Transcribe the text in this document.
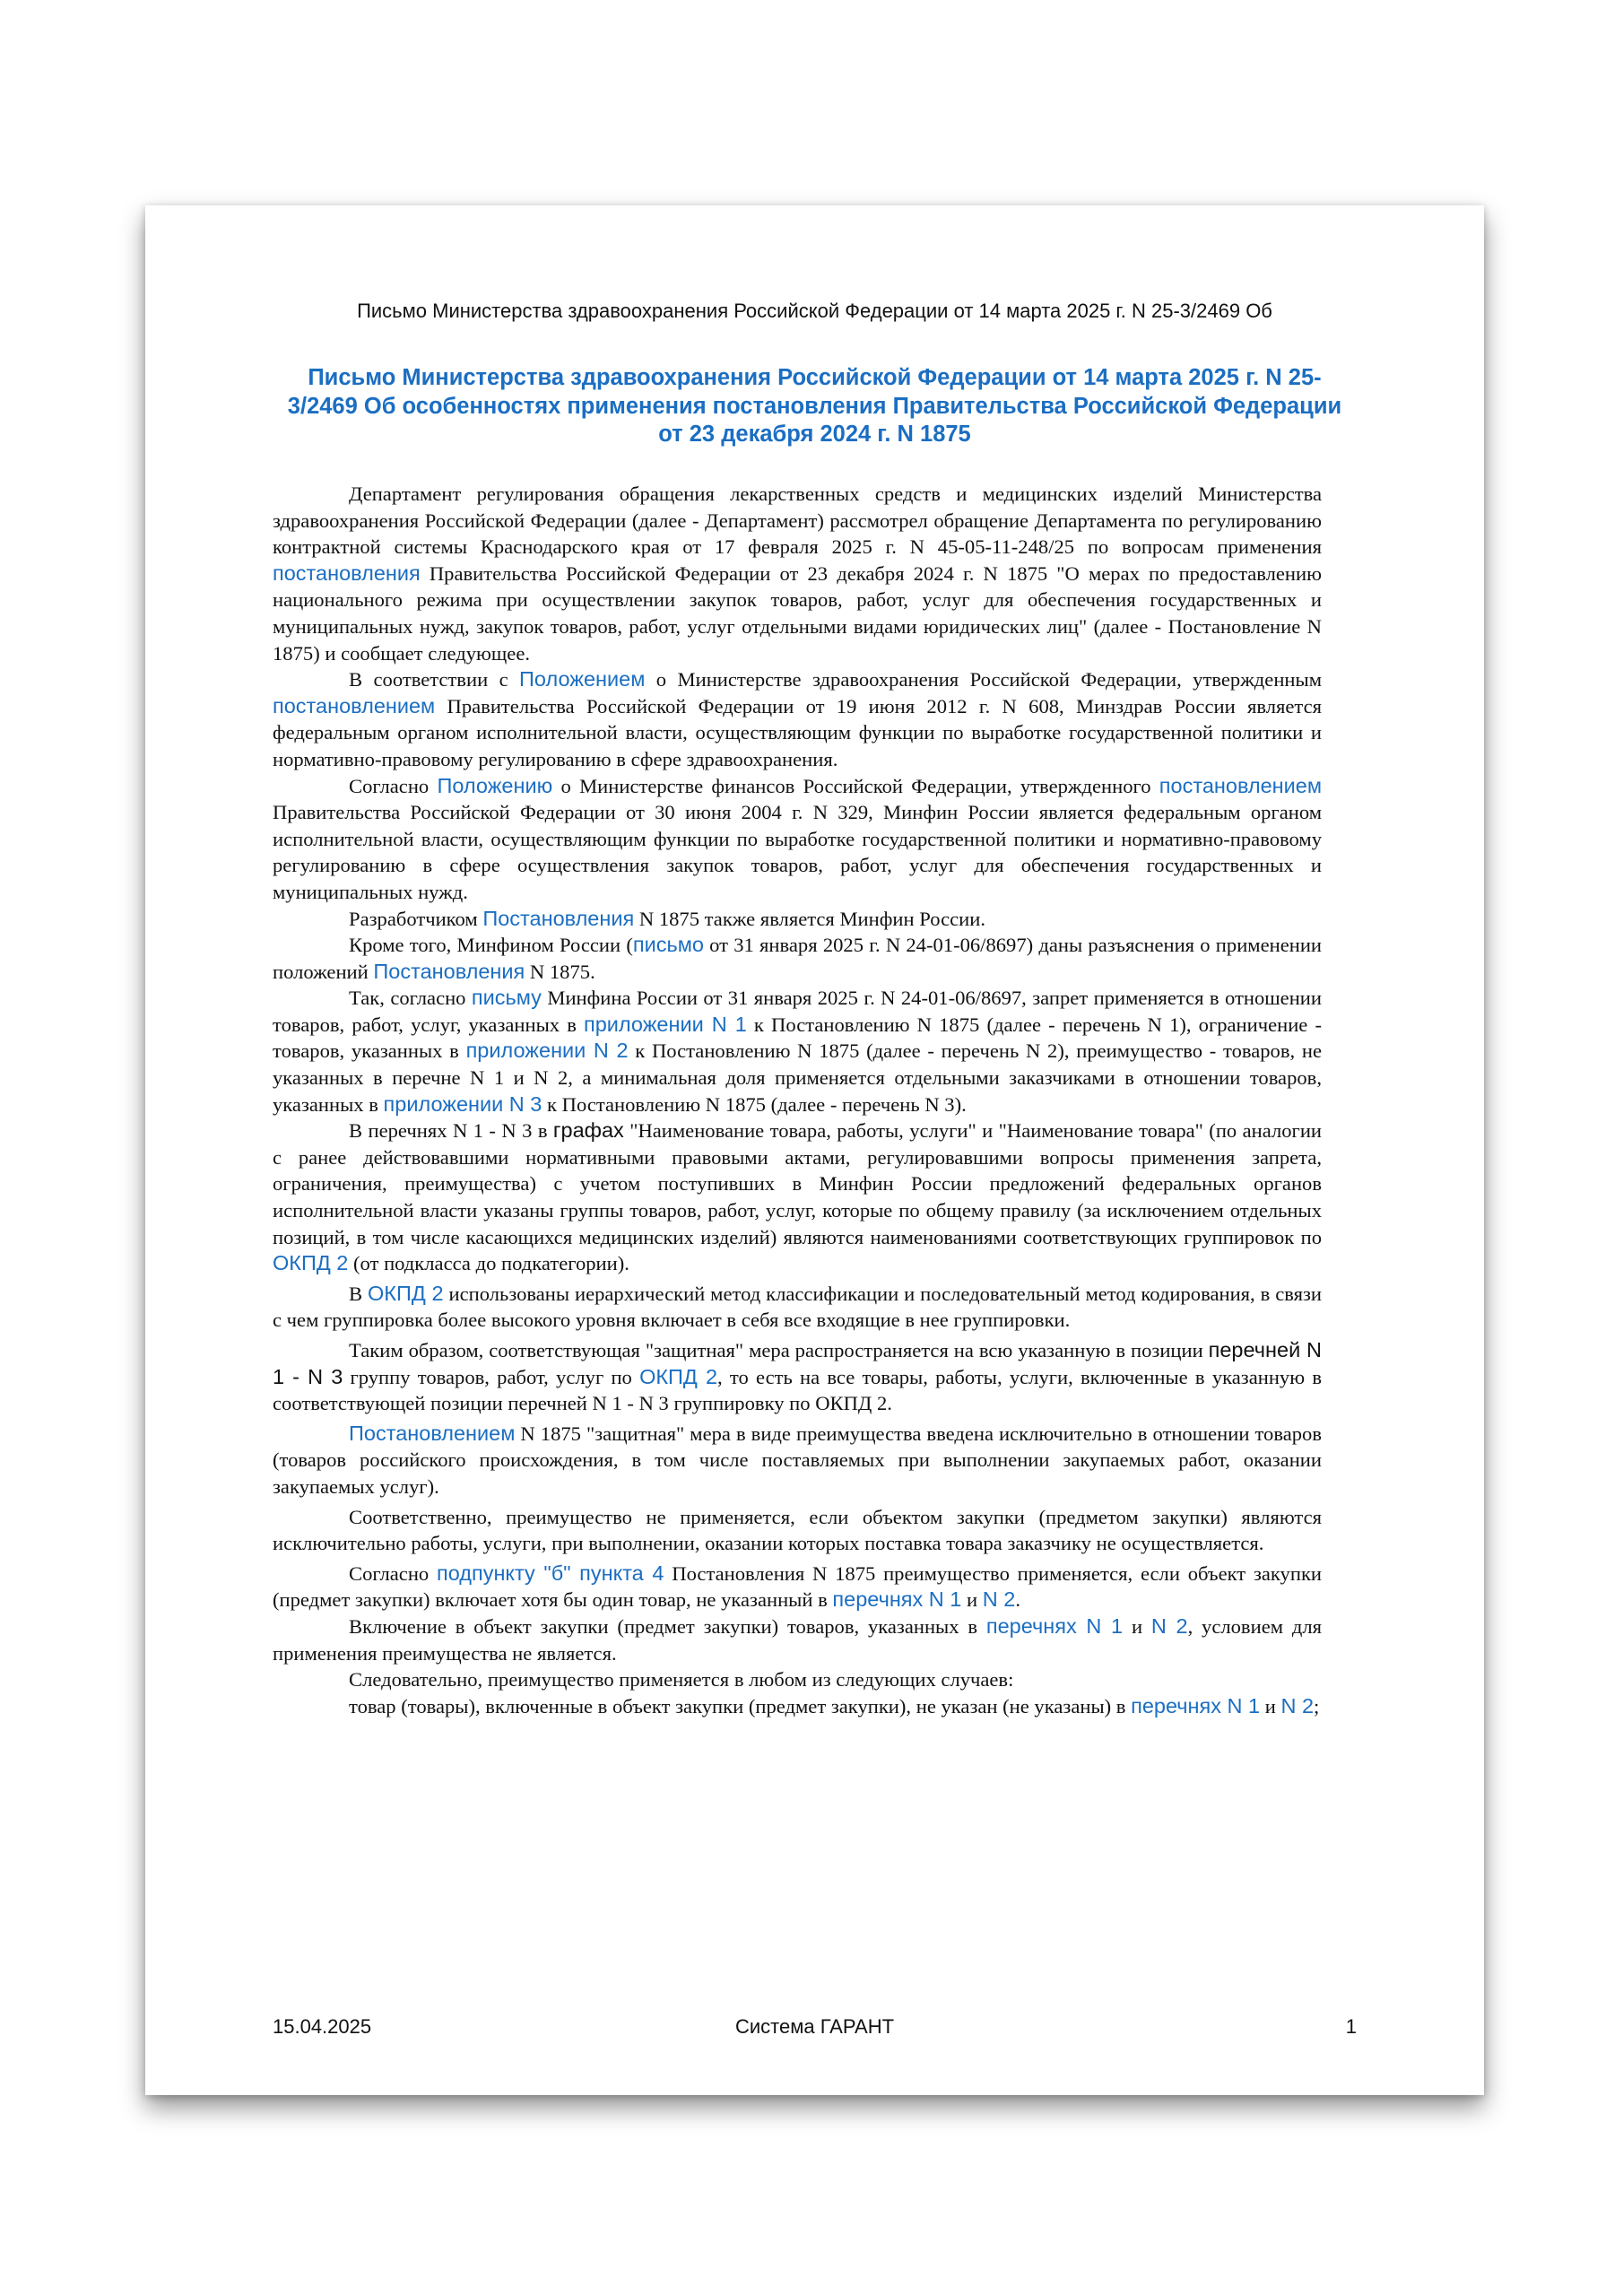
Письмо Министерства здравоохранения Российской Федерации от 14 марта 2025 г. N 25-3/2469 Об
Письмо Министерства здравоохранения Российской Федерации от 14 марта 2025 г. N 25-3/2469 Об особенностях применения постановления Правительства Российской Федерации от 23 декабря 2024 г. N 1875

Департамент регулирования обращения лекарственных средств и медицинских изделий Министерства здравоохранения Российской Федерации (далее - Департамент) рассмотрел обращение Департамента по регулированию контрактной системы Краснодарского края от 17 февраля 2025 г. N 45-05-11-248/25 по вопросам применения постановления Правительства Российской Федерации от 23 декабря 2024 г. N 1875 "О мерах по предоставлению национального режима при осуществлении закупок товаров, работ, услуг для обеспечения государственных и муниципальных нужд, закупок товаров, работ, услуг отдельными видами юридических лиц" (далее - Постановление N 1875) и сообщает следующее.

В соответствии с Положением о Министерстве здравоохранения Российской Федерации, утвержденным постановлением Правительства Российской Федерации от 19 июня 2012 г. N 608, Минздрав России является федеральным органом исполнительной власти, осуществляющим функции по выработке государственной политики и нормативно-правовому регулированию в сфере здравоохранения.

Согласно Положению о Министерстве финансов Российской Федерации, утвержденного постановлением Правительства Российской Федерации от 30 июня 2004 г. N 329, Минфин России является федеральным органом исполнительной власти, осуществляющим функции по выработке государственной политики и нормативно-правовому регулированию в сфере осуществления закупок товаров, работ, услуг для обеспечения государственных и муниципальных нужд.

Разработчиком Постановления N 1875 также является Минфин России.

Кроме того, Минфином России (письмо от 31 января 2025 г. N 24-01-06/8697) даны разъяснения о применении положений Постановления N 1875.

Так, согласно письму Минфина России от 31 января 2025 г. N 24-01-06/8697, запрет применяется в отношении товаров, работ, услуг, указанных в приложении N 1 к Постановлению N 1875 (далее - перечень N 1), ограничение - товаров, указанных в приложении N 2 к Постановлению N 1875 (далее - перечень N 2), преимущество - товаров, не указанных в перечне N 1 и N 2, а минимальная доля применяется отдельными заказчиками в отношении товаров, указанных в приложении N 3 к Постановлению N 1875 (далее - перечень N 3).

В перечнях N 1 - N 3 в графах "Наименование товара, работы, услуги" и "Наименование товара" (по аналогии с ранее действовавшими нормативными правовыми актами, регулировавшими вопросы применения запрета, ограничения, преимущества) с учетом поступивших в Минфин России предложений федеральных органов исполнительной власти указаны группы товаров, работ, услуг, которые по общему правилу (за исключением отдельных позиций, в том числе касающихся медицинских изделий) являются наименованиями соответствующих группировок по ОКПД 2 (от подкласса до подкатегории).

В ОКПД 2 использованы иерархический метод классификации и последовательный метод кодирования, в связи с чем группировка более высокого уровня включает в себя все входящие в нее группировки.

Таким образом, соответствующая "защитная" мера распространяется на всю указанную в позиции перечней N 1 - N 3 группу товаров, работ, услуг по ОКПД 2, то есть на все товары, работы, услуги, включенные в указанную в соответствующей позиции перечней N 1 - N 3 группировку по ОКПД 2.

Постановлением N 1875 "защитная" мера в виде преимущества введена исключительно в отношении товаров (товаров российского происхождения, в том числе поставляемых при выполнении закупаемых работ, оказании закупаемых услуг).

Соответственно, преимущество не применяется, если объектом закупки (предметом закупки) являются исключительно работы, услуги, при выполнении, оказании которых поставка товара заказчику не осуществляется.

Согласно подпункту "б" пункта 4 Постановления N 1875 преимущество применяется, если объект закупки (предмет закупки) включает хотя бы один товар, не указанный в перечнях N 1 и N 2.

Включение в объект закупки (предмет закупки) товаров, указанных в перечнях N 1 и N 2, условием для применения преимущества не является.

Следовательно, преимущество применяется в любом из следующих случаев:

товар (товары), включенные в объект закупки (предмет закупки), не указан (не указаны) в перечнях N 1 и N 2;

15.04.2025	Система ГАРАНТ	1
